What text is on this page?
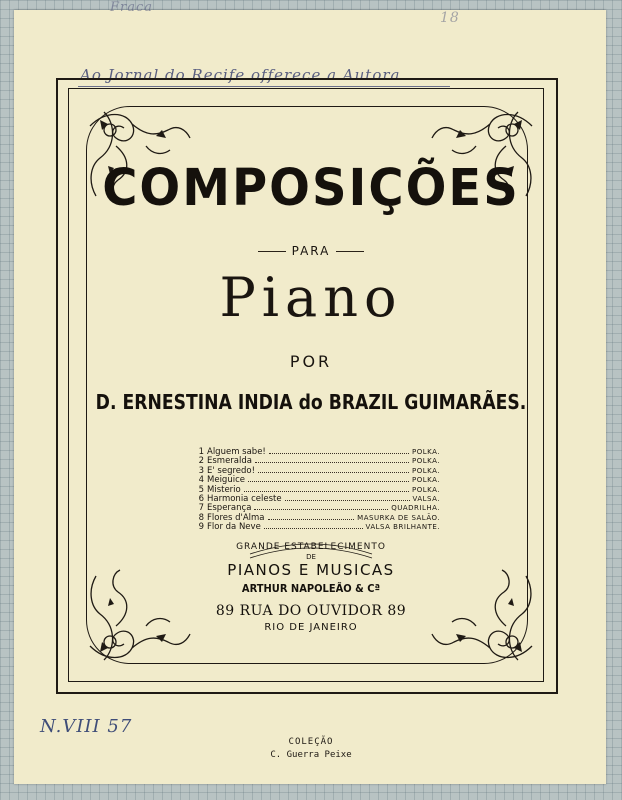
Fraca
18
Ao Jornal do Recife offerece a Autora
COMPOSIÇÕES
PARA
Piano
POR
D. ERNESTINA INDIA do BRAZIL GUIMARÃES.
1 Alguem sabe!	POLKA.
2 Esmeralda	POLKA.
3 E' segredo!	POLKA.
4 Meiguice	POLKA.
5 Misterio	POLKA.
6 Harmonia celeste	VALSA.
7 Esperança	QUADRILHA.
8 Flores d'Alma	MASURKA DE SALÃO.
9 Flor da Neve	VALSA BRILHANTE.
GRANDE ESTABELECIMENTO
DE
PIANOS E MUSICAS
ARTHUR NAPOLEÃO & Cª
89 RUA DO OUVIDOR 89
RIO DE JANEIRO
N.VIII 57
COLEÇÃO
C. Guerra Peixe
